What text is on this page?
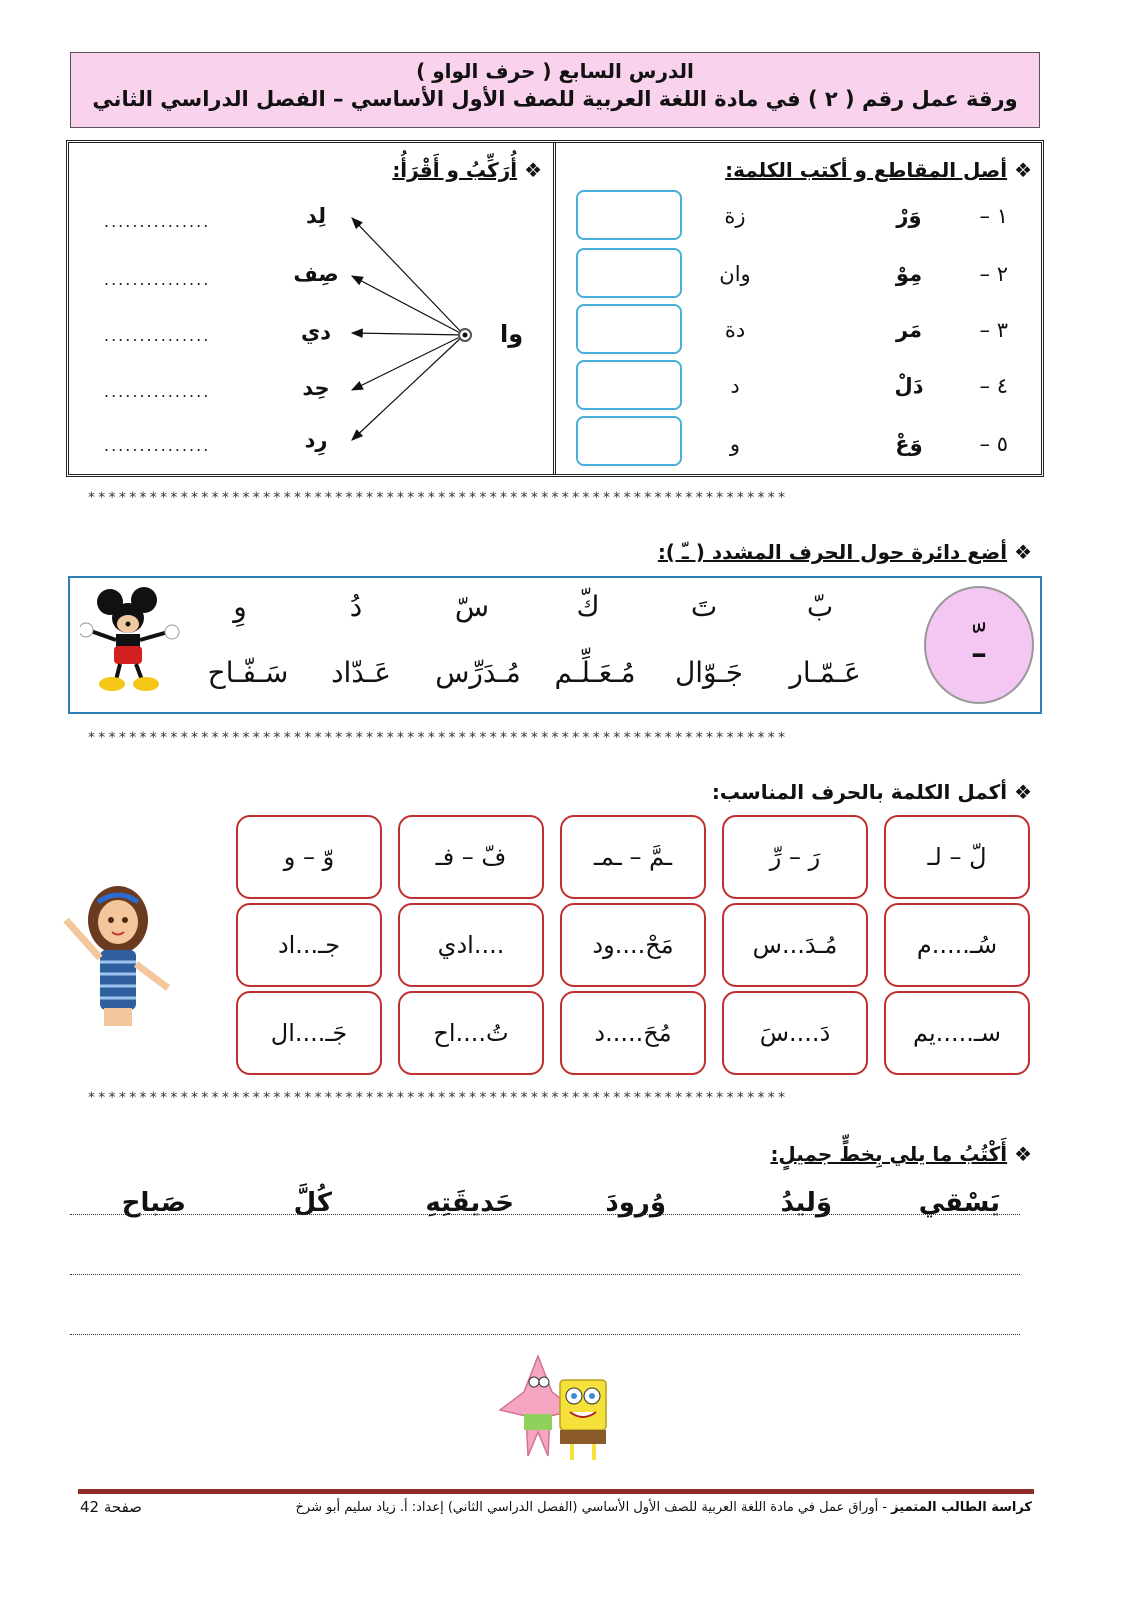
الدرس السابع ( حرف الواو )
ورقة عمل رقم ( ٢ ) في مادة اللغة العربية للصف الأول الأساسي – الفصل الدراسي الثاني
❖ أصل المقاطع و أكتب الكلمة:
١ –
وَرْ
زة
٢ –
مِوْ
وان
٣ –
مَر
دة
٤ –
دَلْ
د
٥ –
وَعْ
و
❖ أُرَكِّبُ و أَقْرَأُ:
وا
لِد
صِف
دي
حِد
رِد
...............
...............
...............
...............
...............
********************************************************************
❖ أضع دائرة حول الحرف المشدد ( ـّ ):
ـّ
بّ
تَ
كّ
سّ
دُ
وِ
عَـمّـار
جَـوّال
مُـعَـلِّـم
مُـدَرِّس
عَـدّاد
سَـفّـاح
********************************************************************
❖ أكمل الكلمة بالحرف المناسب:
لّ – لـ
رَ – رِّ
ـمَّ – ـمـ
فّ – فـ
وّ – و
سُـ.....م
مُـدَ...س
مَحْ....ود
....ادي
جـ...اد
سـ.....يم
دَ....سَ
مُحَ.....د
تُ....اح
جَـ....ال
********************************************************************
❖ أَكْتُبُ ما يلي بِخطٍّ جميلٍ:
يَسْقي
وَليدُ
وُرودَ
حَديقَتِهِ
كُلَّ
صَباح
كراسة الطالب المتميز - أوراق عمل في مادة اللغة العربية للصف الأول الأساسي (الفصل الدراسي الثاني) إعداد: أ. زياد سليم أبو شرخ
صفحة 42
